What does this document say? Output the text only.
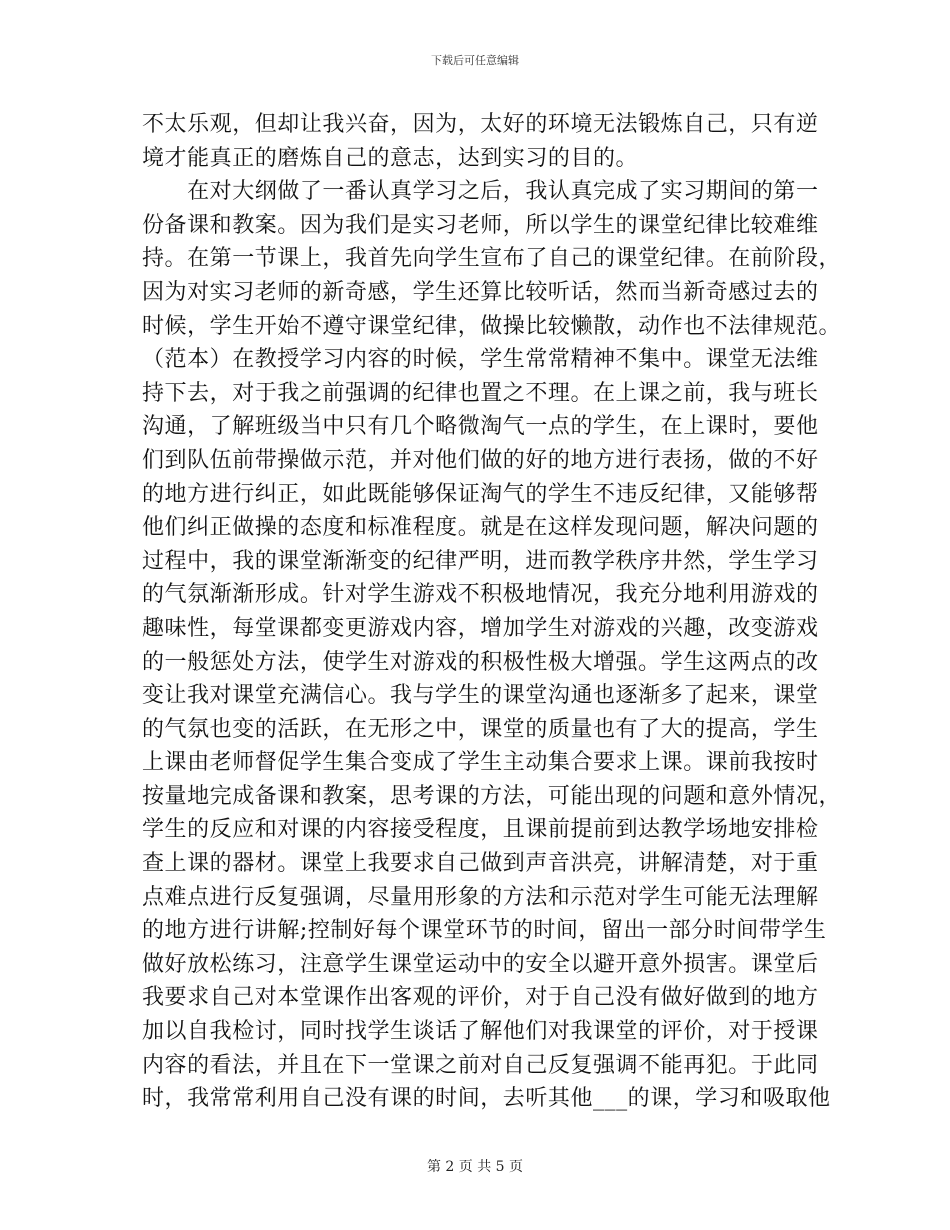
下载后可任意编辑
不太乐观，但却让我兴奋，因为，太好的环境无法锻炼自己，只有逆
境才能真正的磨炼自己的意志，达到实习的目的。
　　在对大纲做了一番认真学习之后，我认真完成了实习期间的第一
份备课和教案。因为我们是实习老师，所以学生的课堂纪律比较难维
持。在第一节课上，我首先向学生宣布了自己的课堂纪律。在前阶段，
因为对实习老师的新奇感，学生还算比较听话，然而当新奇感过去的
时候，学生开始不遵守课堂纪律，做操比较懒散，动作也不法律规范。
（范本）在教授学习内容的时候，学生常常精神不集中。课堂无法维
持下去，对于我之前强调的纪律也置之不理。在上课之前，我与班长
沟通，了解班级当中只有几个略微淘气一点的学生，在上课时，要他
们到队伍前带操做示范，并对他们做的好的地方进行表扬，做的不好
的地方进行纠正，如此既能够保证淘气的学生不违反纪律，又能够帮
他们纠正做操的态度和标准程度。就是在这样发现问题，解决问题的
过程中，我的课堂渐渐变的纪律严明，进而教学秩序井然，学生学习
的气氛渐渐形成。针对学生游戏不积极地情况，我充分地利用游戏的
趣味性，每堂课都变更游戏内容，增加学生对游戏的兴趣，改变游戏
的一般惩处方法，使学生对游戏的积极性极大增强。学生这两点的改
变让我对课堂充满信心。我与学生的课堂沟通也逐渐多了起来，课堂
的气氛也变的活跃，在无形之中，课堂的质量也有了大的提高，学生
上课由老师督促学生集合变成了学生主动集合要求上课。课前我按时
按量地完成备课和教案，思考课的方法，可能出现的问题和意外情况，
学生的反应和对课的内容接受程度，且课前提前到达教学场地安排检
查上课的器材。课堂上我要求自己做到声音洪亮，讲解清楚，对于重
点难点进行反复强调，尽量用形象的方法和示范对学生可能无法理解
的地方进行讲解;控制好每个课堂环节的时间，留出一部分时间带学生
做好放松练习，注意学生课堂运动中的安全以避开意外损害。课堂后
我要求自己对本堂课作出客观的评价，对于自己没有做好做到的地方
加以自我检讨，同时找学生谈话了解他们对我课堂的评价，对于授课
内容的看法，并且在下一堂课之前对自己反复强调不能再犯。于此同
时，我常常利用自己没有课的时间，去听其他___的课，学习和吸取他
第 2 页 共 5 页
